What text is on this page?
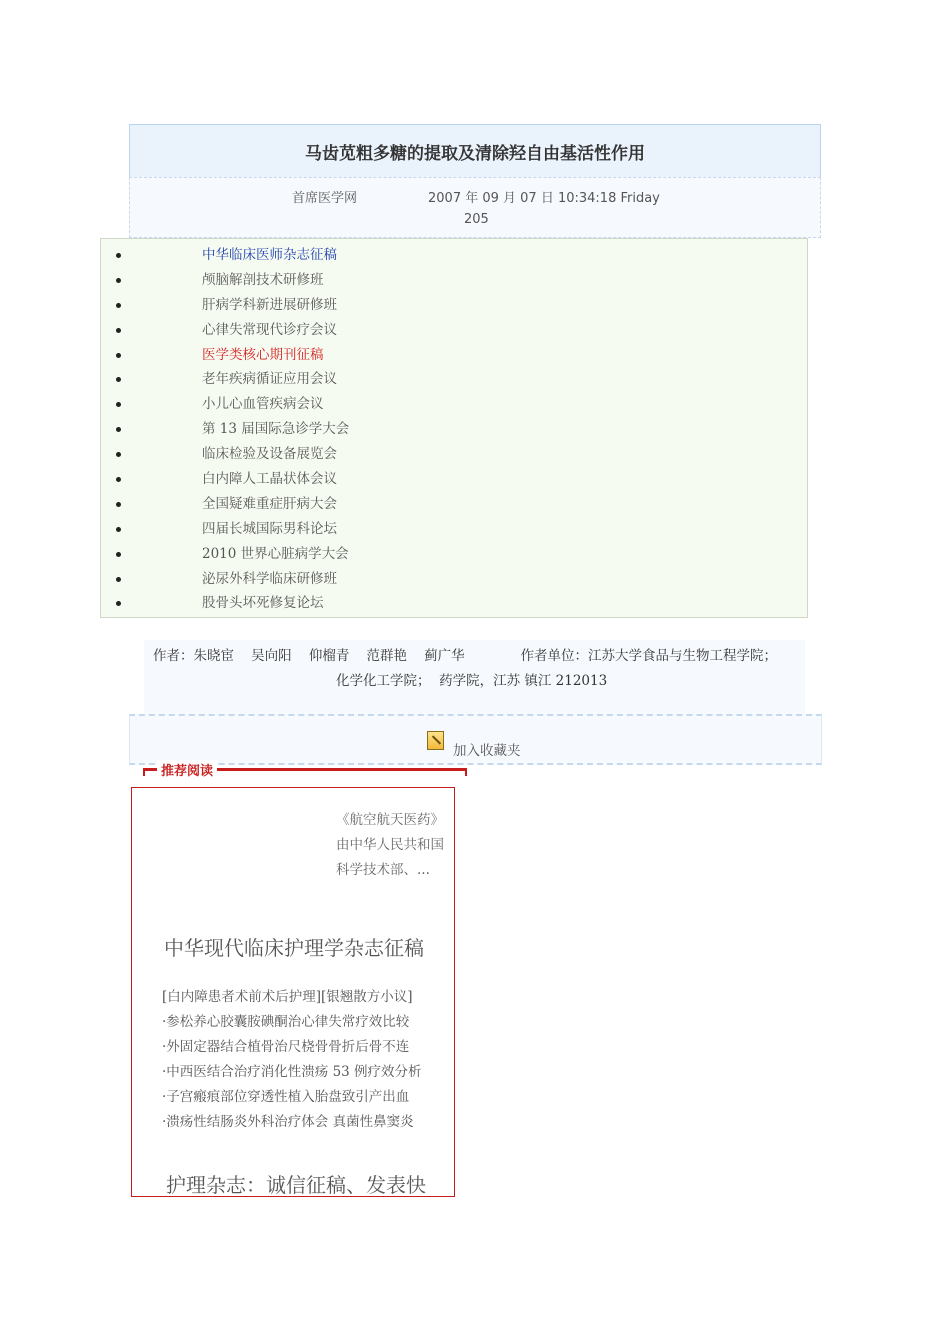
马齿苋粗多糖的提取及清除羟自由基活性作用
首席医学网	2007 年 09 月 07 日 10:34:18 Friday
205
中华临床医师杂志征稿
颅脑解剖技术研修班
肝病学科新进展研修班
心律失常现代诊疗会议
医学类核心期刊征稿
老年疾病循证应用会议
小儿心血管疾病会议
第 13 届国际急诊学大会
临床检验及设备展览会
白内障人工晶状体会议
全国疑难重症肝病大会
四届长城国际男科论坛
2010 世界心脏病学大会
泌尿外科学临床研修班
股骨头坏死修复论坛
作者：朱晓宦    吴向阳    仰榴青    范群艳    蓟广华             作者单位：江苏大学食品与生物工程学院；
化学化工学院；  药学院，江苏 镇江 212013
加入收藏夹
推荐阅读
《航空航天医药》由中华人民共和国科学技术部、...
中华现代临床护理学杂志征稿
[白内障患者术前术后护理][银翘散方小议]
·参松养心胶囊胺碘酮治心律失常疗效比较
·外固定器结合植骨治尺桡骨骨折后骨不连
·中西医结合治疗消化性溃疡 53 例疗效分析
·子宫瘢痕部位穿透性植入胎盘致引产出血
·溃疡性结肠炎外科治疗体会 真菌性鼻窦炎
护理杂志：诚信征稿、发表快
